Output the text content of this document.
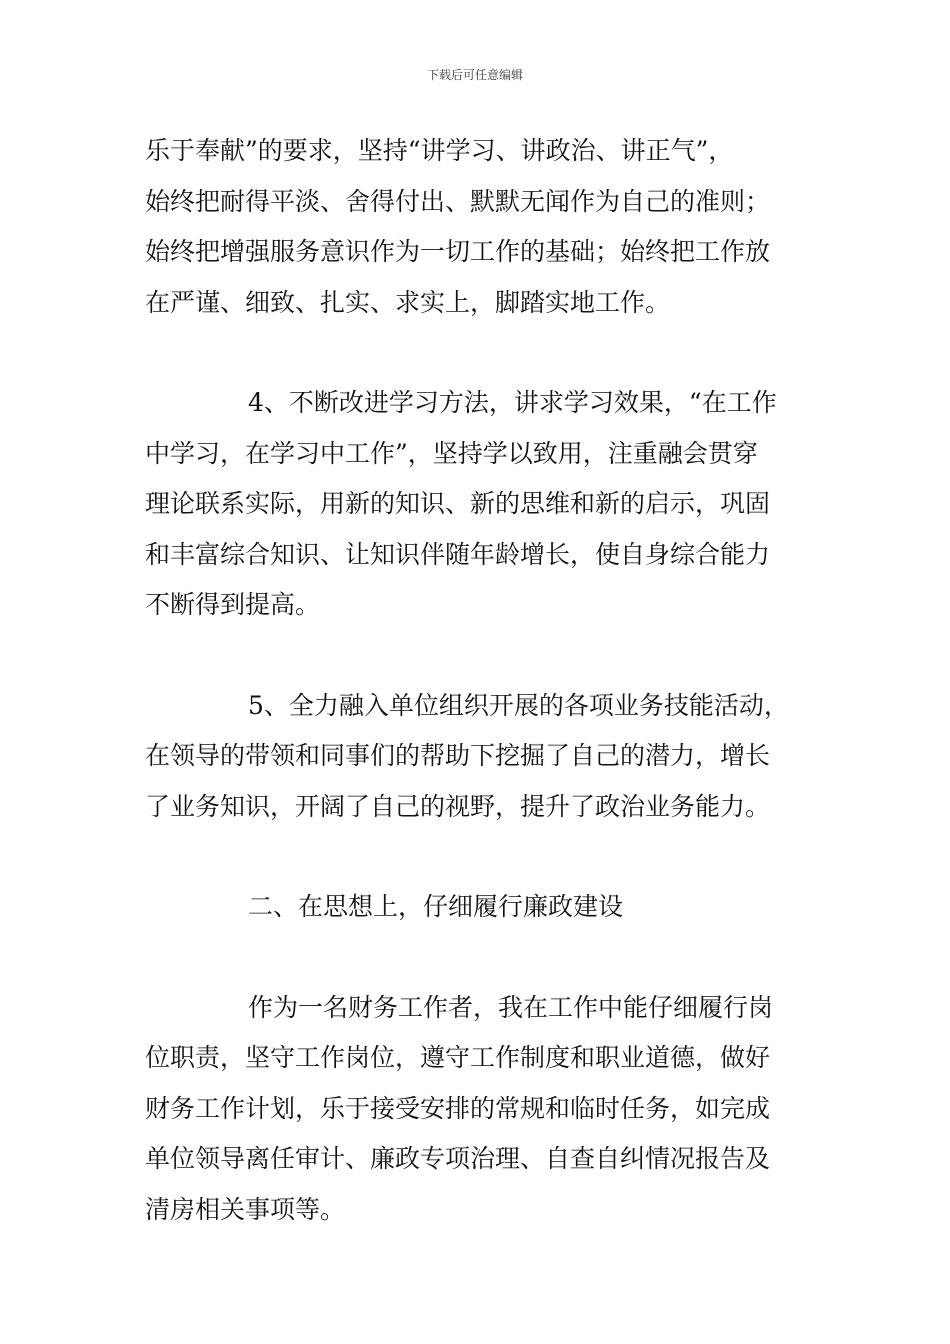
下载后可任意编辑

乐于奉献”的要求，坚持“讲学习、讲政治、讲正气”，
始终把耐得平淡、舍得付出、默默无闻作为自己的准则；
始终把增强服务意识作为一切工作的基础；始终把工作放
在严谨、细致、扎实、求实上，脚踏实地工作。

4、不断改进学习方法，讲求学习效果，“在工作
中学习，在学习中工作”，坚持学以致用，注重融会贯穿
理论联系实际，用新的知识、新的思维和新的启示，巩固
和丰富综合知识、让知识伴随年龄增长，使自身综合能力
不断得到提高。

5、全力融入单位组织开展的各项业务技能活动，
在领导的带领和同事们的帮助下挖掘了自己的潜力，增长
了业务知识，开阔了自己的视野，提升了政治业务能力。

二、在思想上，仔细履行廉政建设

作为一名财务工作者，我在工作中能仔细履行岗
位职责，坚守工作岗位，遵守工作制度和职业道德，做好
财务工作计划，乐于接受安排的常规和临时任务，如完成
单位领导离任审计、廉政专项治理、自查自纠情况报告及
清房相关事项等。
